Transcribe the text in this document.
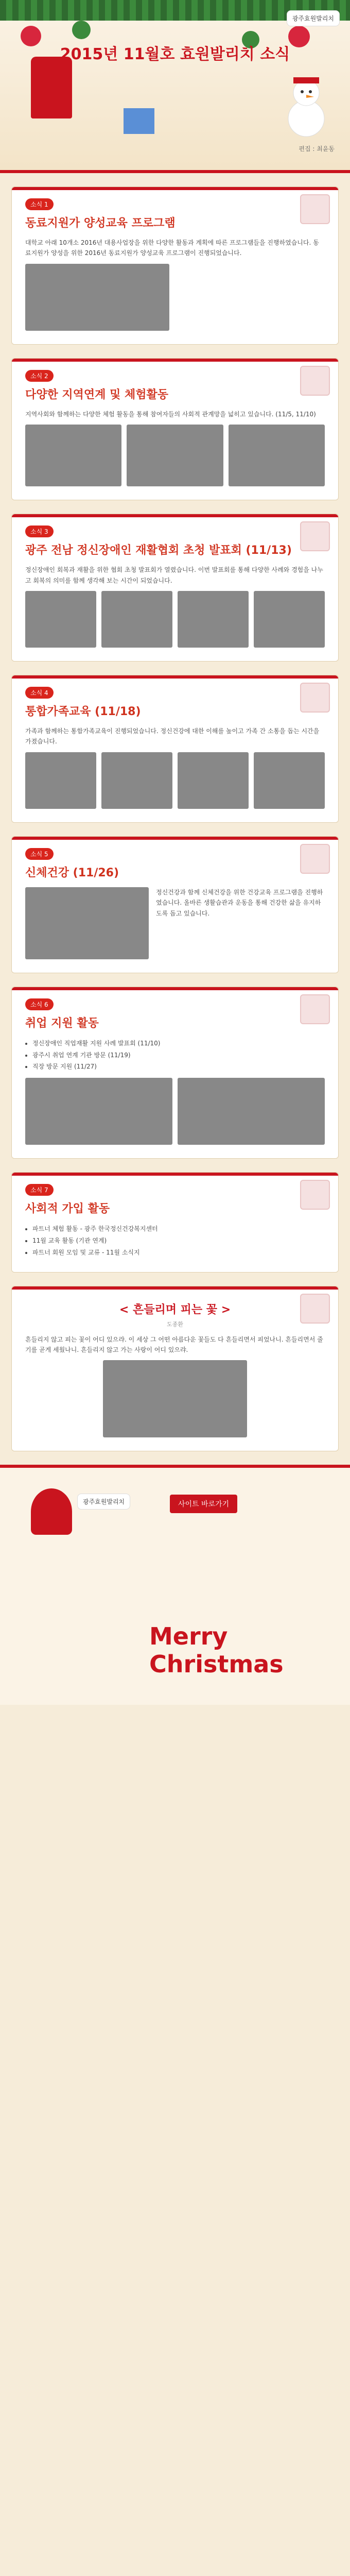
광주효원발리치
2015년 11월호 효원발리치 소식
편집 : 최윤동
소식 1
동료지원가 양성교육 프로그램

대학교 아래 10개소 2016년 대용사업장을 위한 다양한 활동과 계획에 따른 프로그램들을 진행하였습니다. 동료지원가 양성을 위한 2016년 동료지원가 양성교육 프로그램이 진행되었습니다.

소식 2
다양한 지역연계 및 체험활동

지역사회와 함께하는 다양한 체험 활동을 통해 참여자들의 사회적 관계망을 넓히고 있습니다. (11/5, 11/10)

소식 3
광주 전남 정신장애인 재활협회 초청 발표회 (11/13)

정신장애인 회복과 재활을 위한 협회 초청 발표회가 열렸습니다. 이번 발표회를 통해 다양한 사례와 경험을 나누고 회복의 의미를 함께 생각해 보는 시간이 되었습니다.

소식 4
통합가족교육 (11/18)

가족과 함께하는 통합가족교육이 진행되었습니다. 정신건강에 대한 이해를 높이고 가족 간 소통을 돕는 시간을 가졌습니다.

소식 5
신체건강 (11/26)

정신건강과 함께 신체건강을 위한 건강교육 프로그램을 진행하였습니다. 올바른 생활습관과 운동을 통해 건강한 삶을 유지하도록 돕고 있습니다.

소식 6
취업 지원 활동
• 정신장애인 직업재활 지원 사례 발표회 (11/10)
• 광주시 취업 연계 기관 방문 (11/19)
• 직장 방문 지원 (11/27)
소식 7
사회적 가입 활동
• 파트너 체험 활동 - 광주 한국정신건강복지센터
• 11월 교육 활동 (기관 연계)
• 파트너 회원 모임 및 교류 - 11월 소식지
< 흔들리며 피는 꽃 >
도종환

흔들리지 않고 피는 꽃이 어디 있으랴. 이 세상 그 어떤 아름다운 꽃들도 다 흔들리면서 피었나니. 흔들리면서 줄기를 곧게 세웠나니. 흔들리지 않고 가는 사랑이 어디 있으랴.

광주효원발리치	사이트 바로가기
Merry Christmas
